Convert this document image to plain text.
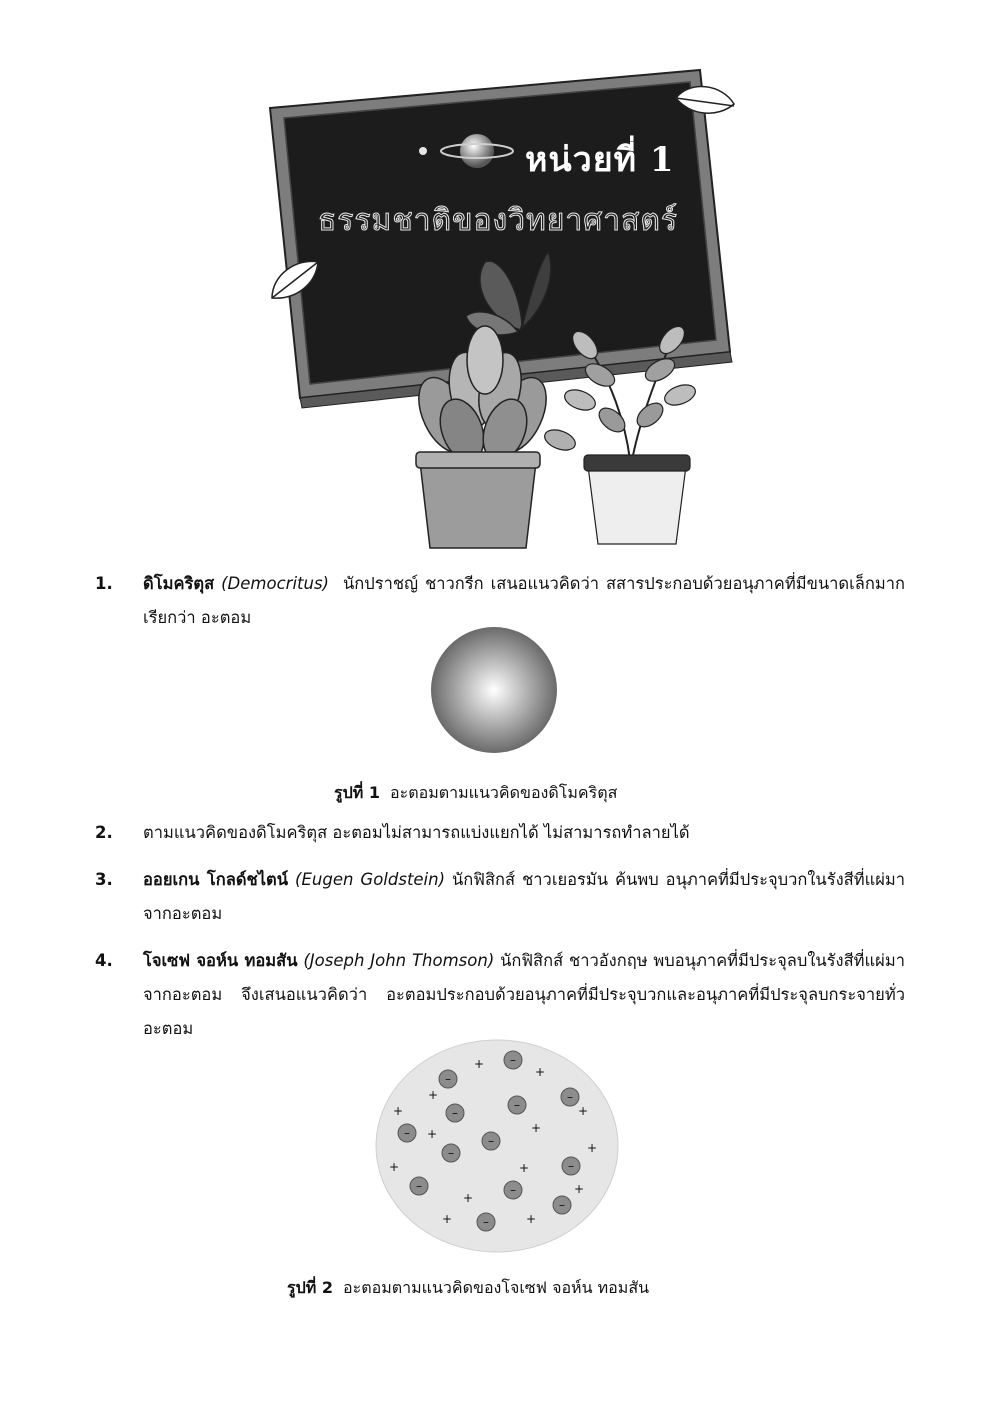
หน่วยที่ 1
ธรรมชาติของวิทยาศาสตร์
1. ดิโมคริตุส (Democritus) นักปราชญ์ ชาวกรีก เสนอแนวคิดว่า สสารประกอบด้วยอนุภาคที่มีขนาดเล็กมาก เรียกว่า อะตอม
รูปที่ 1 อะตอมตามแนวคิดของดิโมคริตุส
2. ตามแนวคิดของดิโมคริตุส อะตอมไม่สามารถแบ่งแยกได้ ไม่สามารถทำลายได้
3. ออยเกน โกลด์ชไตน์ (Eugen Goldstein) นักฟิสิกส์ ชาวเยอรมัน ค้นพบ อนุภาคที่มีประจุบวกในรังสีที่แผ่มาจากอะตอม
4. โจเซฟ จอห์น ทอมสัน (Joseph John Thomson) นักฟิสิกส์ ชาวอังกฤษ พบอนุภาคที่มีประจุลบในรังสีที่แผ่มาจากอะตอม จึงเสนอแนวคิดว่า อะตอมประกอบด้วยอนุภาคที่มีประจุบวกและอนุภาคที่มีประจุลบกระจายทั่วอะตอม
–
–
–
–
–
–
–
–
–
–	–
–
–
+
+
+
+	+
+	+
+
+	+
+
+
+	+
รูปที่ 2 อะตอมตามแนวคิดของโจเซฟ จอห์น ทอมสัน
